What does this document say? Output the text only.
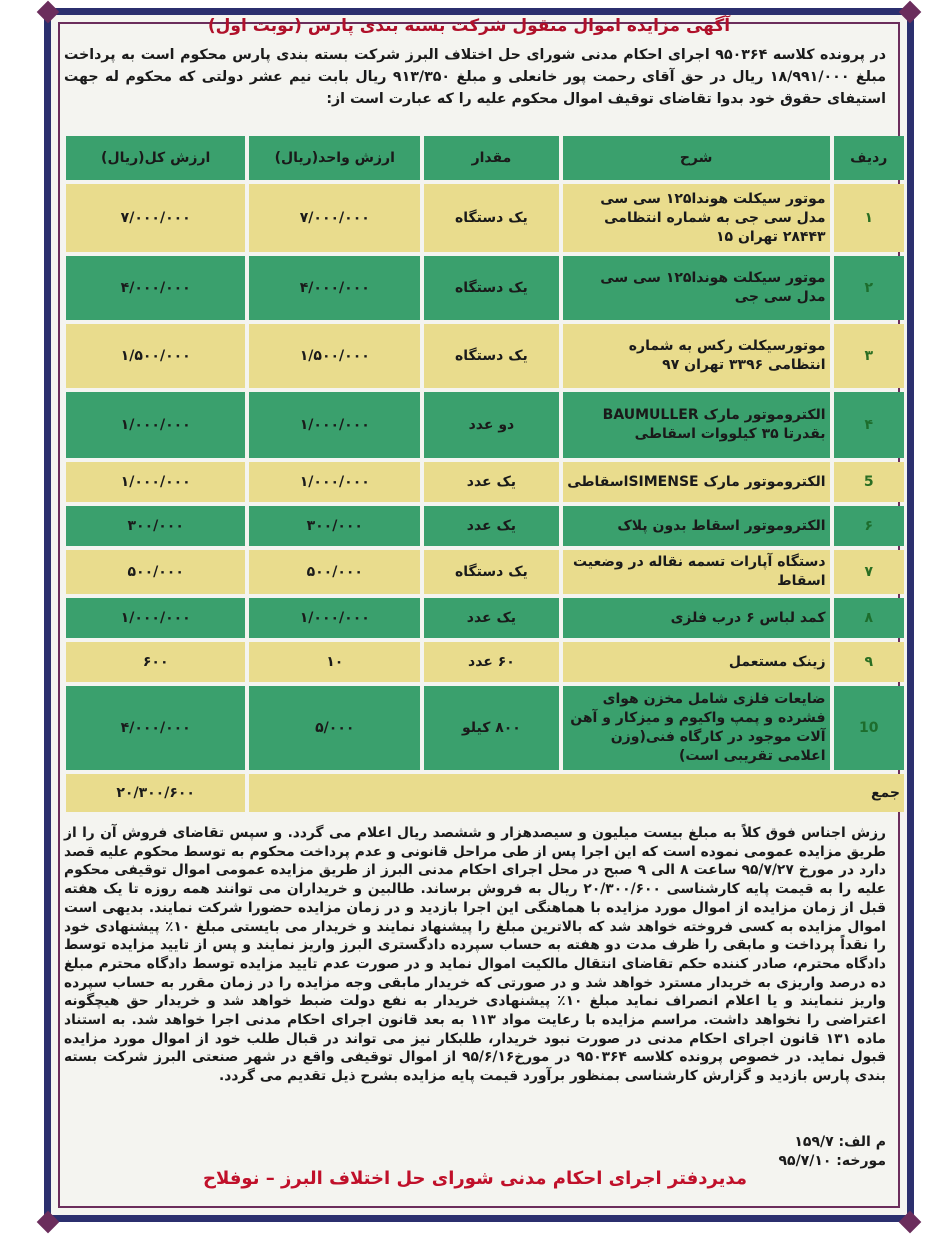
آگهی مزایده اموال منقول شرکت بسته بندی پارس (نوبت اول)
در پرونده کلاسه ۹۵۰۳۶۴ اجرای احکام مدنی شورای حل اختلاف البرز شرکت بسته بندی پارس محکوم است به پرداخت مبلغ ۱۸/۹۹۱/۰۰۰ ریال در حق آقای رحمت پور خانعلی و مبلغ ۹۱۳/۳۵۰ ریال بابت نیم عشر دولتی که محکوم له جهت استیفای حقوق خود بدوا تقاضای توقیف اموال محکوم علیه را که عبارت است از:
ردیف	شرح	مقدار	ارزش واحد(ریال)	ارزش کل(ریال)
۱	موتور سیکلت هوندا۱۲۵ سی سی مدل سی جی به شماره انتظامی ۲۸۴۴۳ تهران ۱۵	یک دستگاه	۷/۰۰۰/۰۰۰	۷/۰۰۰/۰۰۰
۲	موتور سیکلت هوندا۱۲۵ سی سی مدل سی جی	یک دستگاه	۴/۰۰۰/۰۰۰	۴/۰۰۰/۰۰۰
۳	موتورسیکلت رکس به شماره انتظامی ۳۳۹۶ تهران ۹۷	یک دستگاه	۱/۵۰۰/۰۰۰	۱/۵۰۰/۰۰۰
۴	الکتروموتور مارک BAUMULLER بقدرتا ۳۵ کیلووات اسقاطی	دو عدد	۱/۰۰۰/۰۰۰	۱/۰۰۰/۰۰۰
5	الکتروموتور مارک SIMENSEاسقاطی	یک عدد	۱/۰۰۰/۰۰۰	۱/۰۰۰/۰۰۰
۶	الکتروموتور اسقاط بدون پلاک	یک عدد	۳۰۰/۰۰۰	۳۰۰/۰۰۰
۷	دستگاه آپارات تسمه نقاله در وضعیت اسقاط	یک دستگاه	۵۰۰/۰۰۰	۵۰۰/۰۰۰
۸	کمد لباس ۶ درب فلزی	یک عدد	۱/۰۰۰/۰۰۰	۱/۰۰۰/۰۰۰
۹	زینک مستعمل	۶۰ عدد	۱۰	۶۰۰
10	ضایعات فلزی شامل مخزن هوای فشرده و پمپ واکیوم و میزکار و آهن آلات موجود در کارگاه فنی(وزن اعلامی تقریبی است)	۸۰۰ کیلو	۵/۰۰۰	۴/۰۰۰/۰۰۰
جمع				۲۰/۳۰۰/۶۰۰
رزش اجناس فوق کلاً به مبلغ بیست میلیون و سیصدهزار و ششصد ریال اعلام می گردد. و سپس تقاضای فروش آن را از طریق مزایده عمومی نموده است که این اجرا پس از طی مراحل قانونی و عدم پرداخت محکوم به توسط محکوم علیه قصد دارد در مورخ ۹۵/۷/۲۷ ساعت ۸ الی ۹ صبح در محل اجرای احکام مدنی البرز از طریق مزایده عمومی اموال توقیفی محکوم علیه را به قیمت پایه کارشناسی ۲۰/۳۰۰/۶۰۰ ریال به فروش برساند. طالبین و خریداران می توانند همه روزه تا یک هفته قبل از زمان مزایده از اموال مورد مزایده با هماهنگی این اجرا بازدید و در زمان مزایده حضورا شرکت نمایند. بدیهی است اموال مزایده به کسی فروخته خواهد شد که بالاترین مبلغ را پیشنهاد نمایند و خریدار می بایستی مبلغ ۱۰٪ پیشنهادی خود را نقداً پرداخت و مابقی را ظرف مدت دو هفته به حساب سپرده دادگستری البرز واریز نمایند و پس از تایید مزایده توسط دادگاه محترم، صادر کننده حکم تقاضای انتقال مالکیت اموال نماید و در صورت عدم تایید مزایده توسط دادگاه محترم مبلغ ده درصد واریزی به خریدار مسترد خواهد شد و در صورتی که خریدار مابقی وجه مزایده را در زمان مقرر به حساب سپرده واریز ننمایند و یا اعلام انصراف نماید مبلغ ۱۰٪ پیشنهادی خریدار به نفع دولت ضبط خواهد شد و خریدار حق هیچگونه اعتراضی را نخواهد داشت. مراسم مزایده با رعایت مواد ۱۱۳ به بعد قانون اجرای احکام مدنی اجرا خواهد شد. به استناد ماده ۱۳۱ قانون اجرای احکام مدنی در صورت نبود خریدار، طلبکار نیز می تواند در قبال طلب خود از اموال مورد مزایده قبول نماید. در خصوص پرونده کلاسه ۹۵۰۳۶۴ در مورخ۹۵/۶/۱۶ از اموال توقیفی واقع در شهر صنعتی البرز شرکت بسته بندی پارس بازدید و گزارش کارشناسی بمنظور برآورد قیمت پایه مزایده بشرح ذیل تقدیم می گردد.
م الف: ۱۵۹/۷
مورخه: ۹۵/۷/۱۰
مدیردفتر اجرای احکام مدنی شورای حل اختلاف البرز – نوفلاح
